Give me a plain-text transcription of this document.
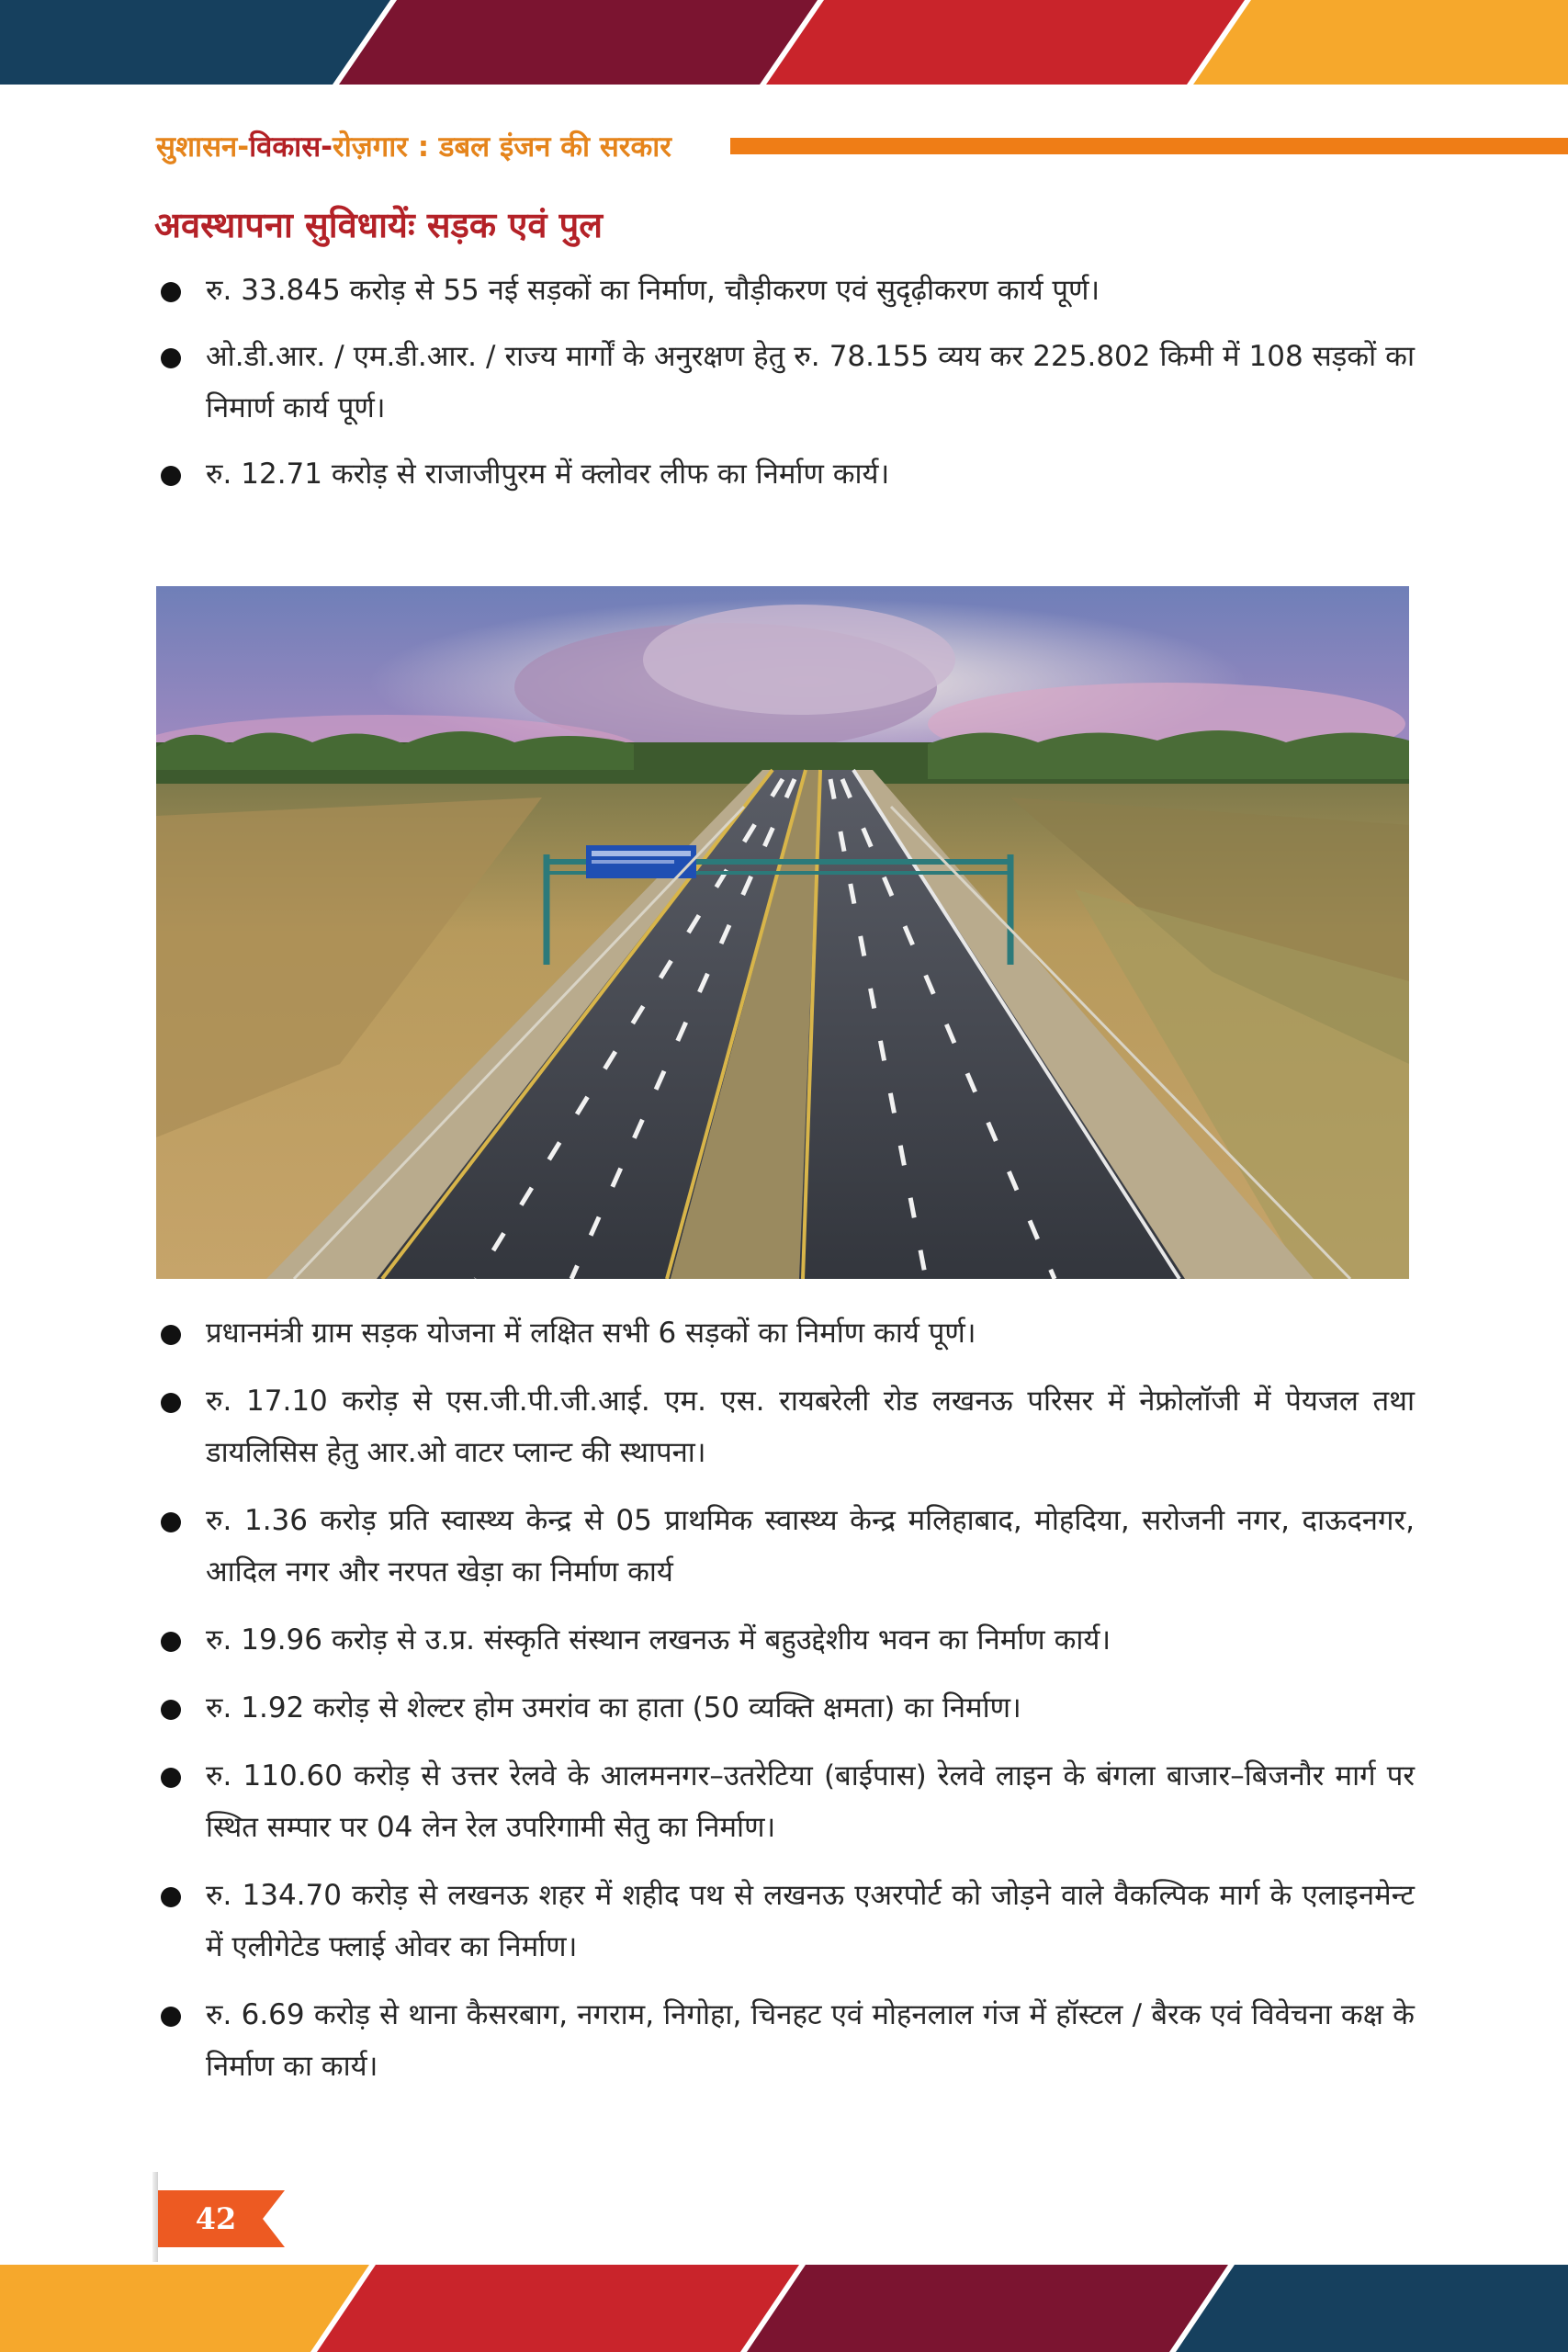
सुशासन-विकास-रोज़गार : डबल इंजन की सरकार
अवस्थापना सुविधायेंः सड़क एवं पुल
रु. 33.845 करोड़ से 55 नई सड़कों का निर्माण, चौड़ीकरण एवं सुदृढ़ीकरण कार्य पूर्ण।
ओ.डी.आर. / एम.डी.आर. / राज्य मार्गों के अनुरक्षण हेतु रु. 78.155 व्यय कर 225.802 किमी में 108 सड़कों का निमार्ण कार्य पूर्ण।
रु. 12.71 करोड़ से राजाजीपुरम में क्लोवर लीफ का निर्माण कार्य।
प्रधानमंत्री ग्राम सड़क योजना में लक्षित सभी 6 सड़कों का निर्माण कार्य पूर्ण।
रु. 17.10 करोड़ से एस.जी.पी.जी.आई. एम. एस. रायबरेली रोड लखनऊ परिसर में नेफ्रोलॉजी में पेयजल तथा डायलिसिस हेतु आर.ओ वाटर प्लान्ट की स्थापना।
रु. 1.36 करोड़ प्रति स्वास्थ्य केन्द्र से 05 प्राथमिक स्वास्थ्य केन्द्र मलिहाबाद, मोहदिया, सरोजनी नगर, दाऊदनगर, आदिल नगर और नरपत खेड़ा का निर्माण कार्य
रु. 19.96 करोड़ से उ.प्र. संस्कृति संस्थान लखनऊ में बहुउद्देशीय भवन का निर्माण कार्य।
रु. 1.92 करोड़ से शेल्टर होम उमरांव का हाता (50 व्यक्ति क्षमता) का निर्माण।
रु. 110.60 करोड़ से उत्तर रेलवे के आलमनगर–उतरेटिया (बाईपास) रेलवे लाइन के बंगला बाजार–बिजनौर मार्ग पर स्थित सम्पार पर 04 लेन रेल उपरिगामी सेतु का निर्माण।
रु. 134.70 करोड़ से लखनऊ शहर में शहीद पथ से लखनऊ एअरपोर्ट को जोड़ने वाले वैकल्पिक मार्ग के एलाइनमेन्ट में एलीगेटेड फ्लाई ओवर का निर्माण।
रु. 6.69 करोड़ से थाना कैसरबाग, नगराम, निगोहा, चिनहट एवं मोहनलाल गंज में हॉस्टल / बैरक एवं विवेचना कक्ष के निर्माण का कार्य।
42
